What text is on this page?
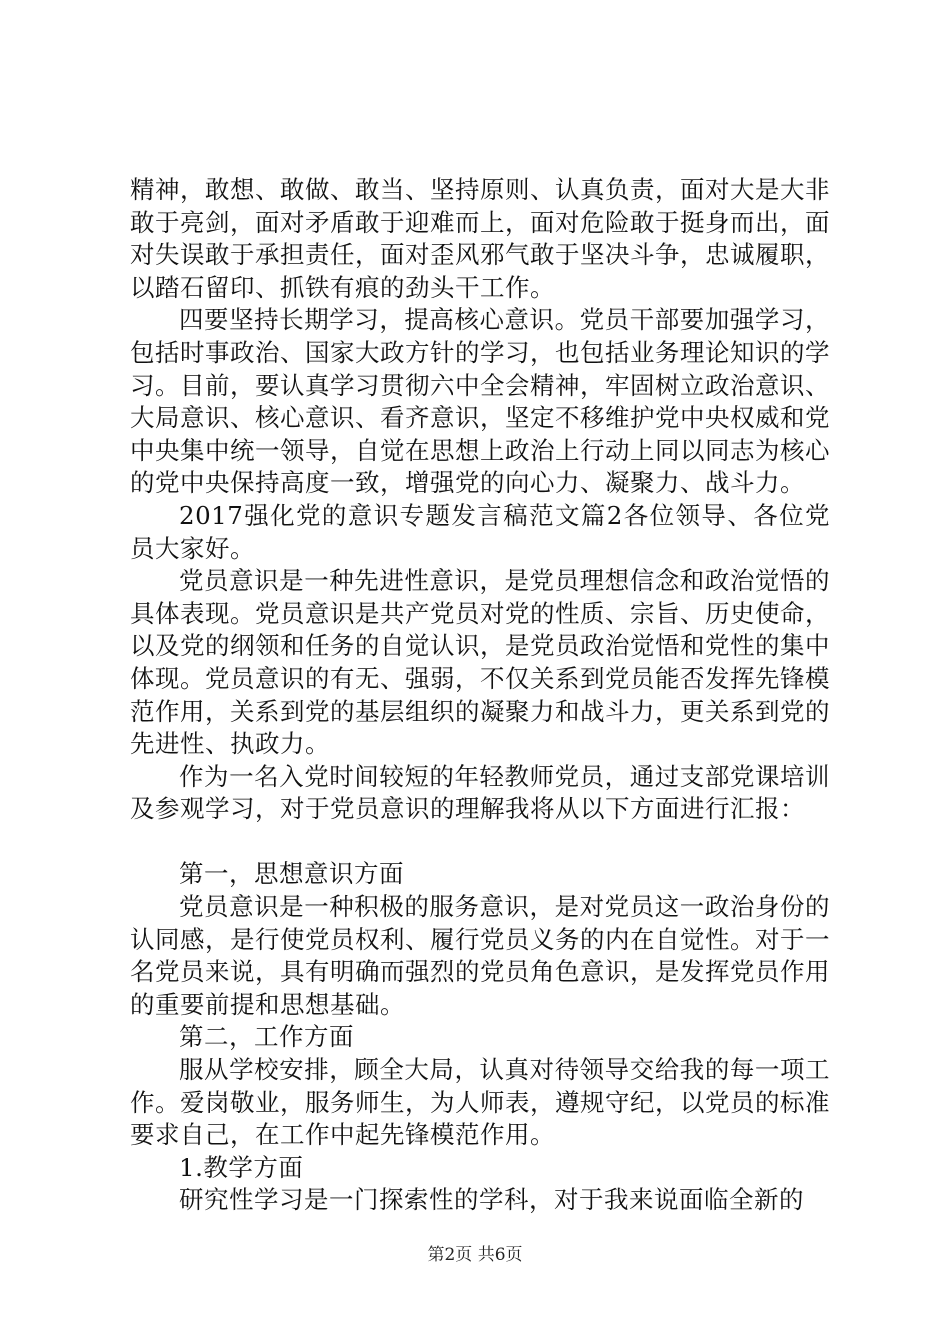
精神，敢想、敢做、敢当、坚持原则、认真负责，面对大是大非敢于亮剑，面对矛盾敢于迎难而上，面对危险敢于挺身而出，面对失误敢于承担责任，面对歪风邪气敢于坚决斗争，忠诚履职，以踏石留印、抓铁有痕的劲头干工作。

四要坚持长期学习，提高核心意识。党员干部要加强学习，包括时事政治、国家大政方针的学习，也包括业务理论知识的学习。目前，要认真学习贯彻六中全会精神，牢固树立政治意识、大局意识、核心意识、看齐意识，坚定不移维护党中央权威和党中央集中统一领导，自觉在思想上政治上行动上同以同志为核心的党中央保持高度一致，增强党的向心力、凝聚力、战斗力。

2017强化党的意识专题发言稿范文篇2各位领导、各位党员大家好。

党员意识是一种先进性意识，是党员理想信念和政治觉悟的具体表现。党员意识是共产党员对党的性质、宗旨、历史使命，以及党的纲领和任务的自觉认识，是党员政治觉悟和党性的集中体现。党员意识的有无、强弱，不仅关系到党员能否发挥先锋模范作用，关系到党的基层组织的凝聚力和战斗力，更关系到党的先进性、执政力。

作为一名入党时间较短的年轻教师党员，通过支部党课培训及参观学习，对于党员意识的理解我将从以下方面进行汇报：

第一，思想意识方面

党员意识是一种积极的服务意识，是对党员这一政治身份的认同感，是行使党员权利、履行党员义务的内在自觉性。对于一名党员来说，具有明确而强烈的党员角色意识，是发挥党员作用的重要前提和思想基础。

第二，工作方面

服从学校安排，顾全大局，认真对待领导交给我的每一项工作。爱岗敬业，服务师生，为人师表，遵规守纪，以党员的标准要求自己，在工作中起先锋模范作用。

1.教学方面

研究性学习是一门探索性的学科，对于我来说面临全新的

第2页 共6页
